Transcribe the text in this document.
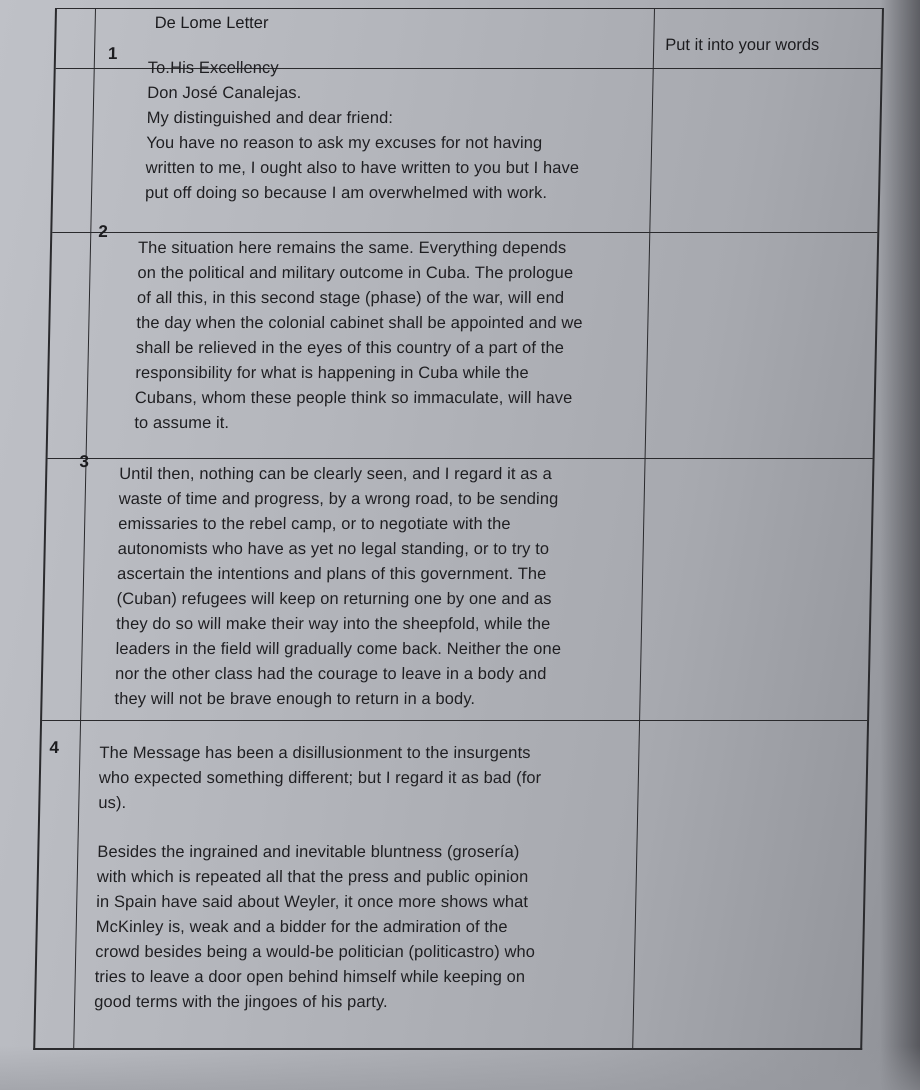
De Lome Letter
Put it into your words
1

To.His Excellency
Don José Canalejas.
My distinguished and dear friend:
You have no reason to ask my excuses for not having
written to me, I ought also to have written to you but I have
put off doing so because I am overwhelmed with work.

2

The situation here remains the same. Everything depends
on the political and military outcome in Cuba. The prologue
of all this, in this second stage (phase) of the war, will end
the day when the colonial cabinet shall be appointed and we
shall be relieved in the eyes of this country of a part of the
responsibility for what is happening in Cuba while the
Cubans, whom these people think so immaculate, will have
to assume it.

3

Until then, nothing can be clearly seen, and I regard it as a
waste of time and progress, by a wrong road, to be sending
emissaries to the rebel camp, or to negotiate with the
autonomists who have as yet no legal standing, or to try to
ascertain the intentions and plans of this government. The
(Cuban) refugees will keep on returning one by one and as
they do so will make their way into the sheepfold, while the
leaders in the field will gradually come back. Neither the one
nor the other class had the courage to leave in a body and
they will not be brave enough to return in a body.

4 The Message has been a disillusionment to the insurgents
who expected something different; but I regard it as bad (for
us).

Besides the ingrained and inevitable bluntness (grosería)
with which is repeated all that the press and public opinion
in Spain have said about Weyler, it once more shows what
McKinley is, weak and a bidder for the admiration of the
crowd besides being a would-be politician (politicastro) who
tries to leave a door open behind himself while keeping on
good terms with the jingoes of his party.
